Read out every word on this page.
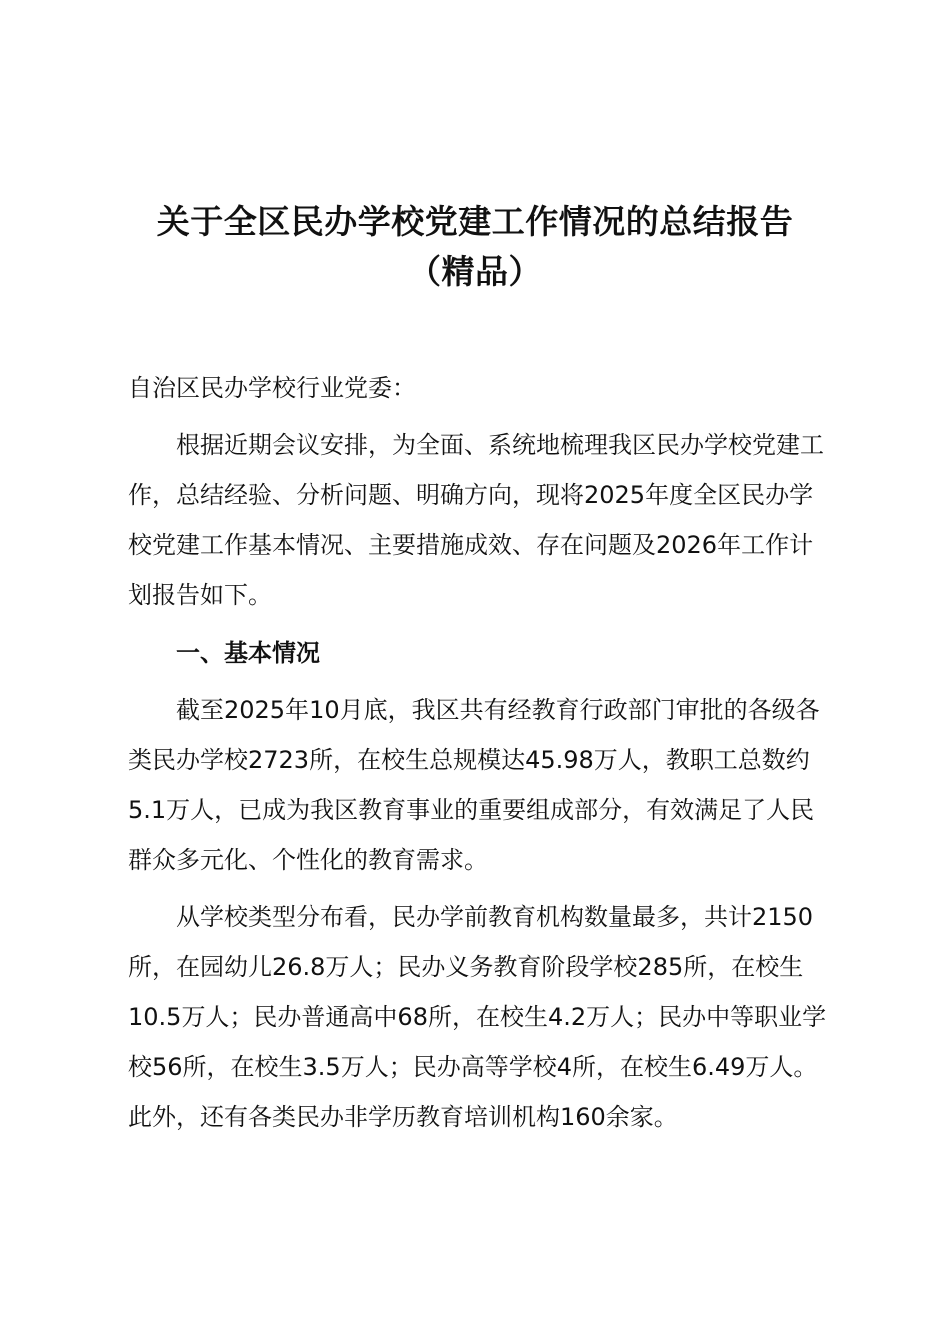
关于全区民办学校党建工作情况的总结报告
（精品）

自治区民办学校行业党委：

根据近期会议安排，为全面、系统地梳理我区民办学校党建工作，总结经验、分析问题、明确方向，现将2025年度全区民办学校党建工作基本情况、主要措施成效、存在问题及2026年工作计划报告如下。

一、基本情况

截至2025年10月底，我区共有经教育行政部门审批的各级各类民办学校2723所，在校生总规模达45.98万人，教职工总数约5.1万人，已成为我区教育事业的重要组成部分，有效满足了人民群众多元化、个性化的教育需求。

从学校类型分布看，民办学前教育机构数量最多，共计2150所，在园幼儿26.8万人；民办义务教育阶段学校285所，在校生10.5万人；民办普通高中68所，在校生4.2万人；民办中等职业学校56所，在校生3.5万人；民办高等学校4所，在校生6.49万人。此外，还有各类民办非学历教育培训机构160余家。
